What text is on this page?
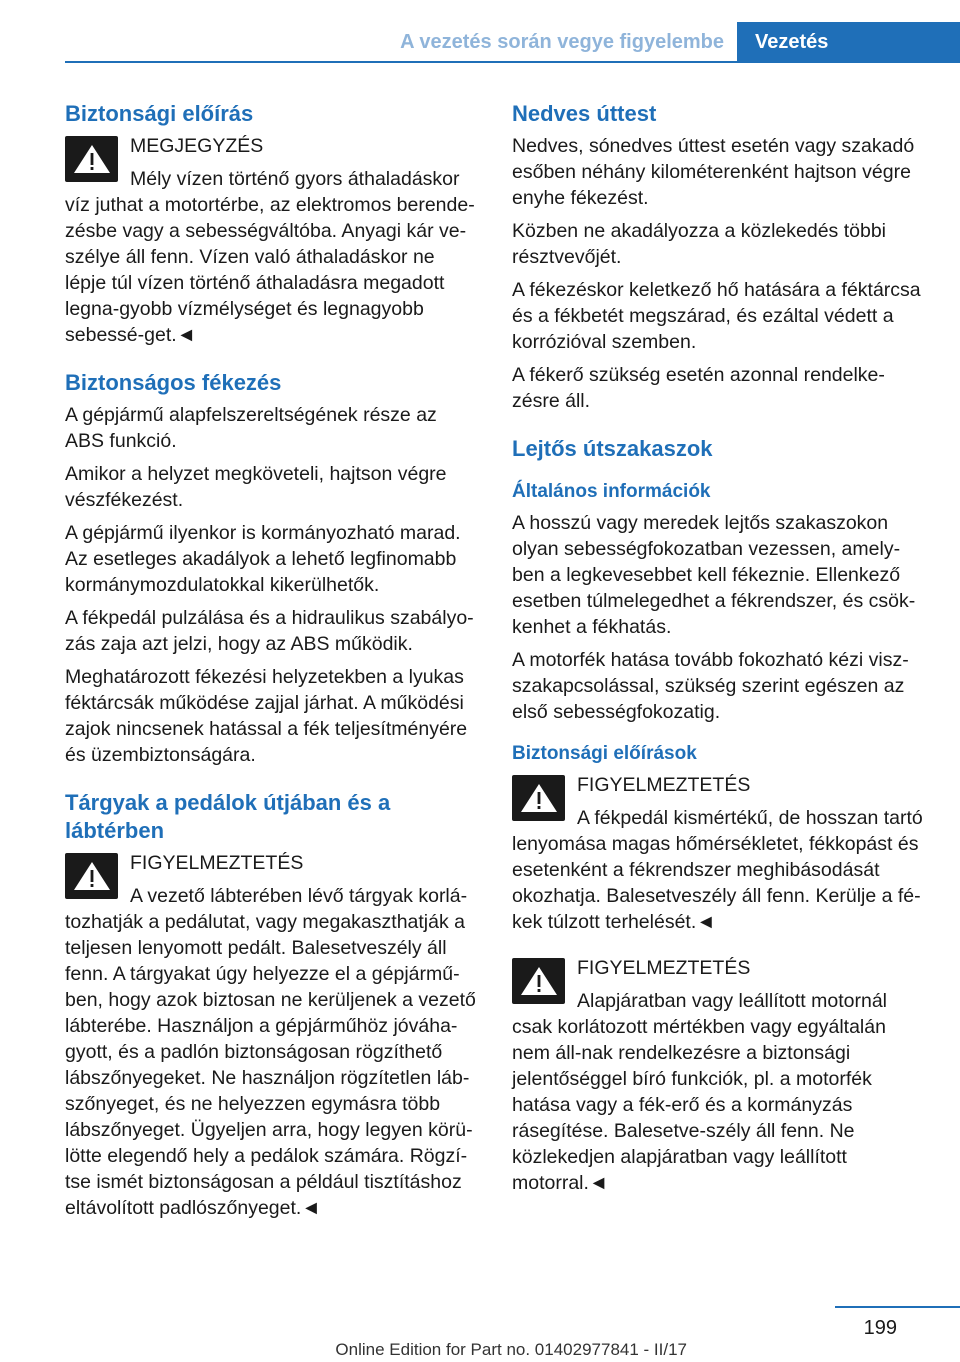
A vezetés során vegye figyelembe Vezetés
Biztonsági előírás
MEGJEGYZÉS

Mély vízen történő gyors áthaladáskor víz juthat a motortérbe, az elektromos berende‐zésbe vagy a sebességváltóba. Anyagi kár ve‐szélye áll fenn. Vízen való áthaladáskor ne lépje túl vízen történő áthaladásra megadott legna‐gyobb vízmélységet és legnagyobb sebessé‐get.◄

Biztonságos fékezés

A gépjármű alapfelszereltségének része az ABS funkció.

Amikor a helyzet megköveteli, hajtson végre vészfékezést.

A gépjármű ilyenkor is kormányozható marad. Az esetleges akadályok a lehető legfinomabb kormánymozdulatokkal kikerülhetők.

A fékpedál pulzálása és a hidraulikus szabályo‐zás zaja azt jelzi, hogy az ABS működik.

Meghatározott fékezési helyzetekben a lyukas féktárcsák működése zajjal járhat. A működési zajok nincsenek hatással a fék teljesítményére és üzembiztonságára.

Tárgyak a pedálok útjában és a lábtérben
FIGYELMEZTETÉS

A vezető lábterében lévő tárgyak korlá‐tozhatják a pedálutat, vagy megakaszthatják a teljesen lenyomott pedált. Balesetveszély áll fenn. A tárgyakat úgy helyezze el a gépjármű‐ben, hogy azok biztosan ne kerüljenek a vezető lábterébe. Használjon a gépjárműhöz jóváha‐gyott, és a padlón biztonságosan rögzíthető lábszőnyegeket. Ne használjon rögzítetlen láb‐szőnyeget, és ne helyezzen egymásra több lábszőnyeget. Ügyeljen arra, hogy legyen körü‐lötte elegendő hely a pedálok számára. Rögzí‐tse ismét biztonságosan a például tisztításhoz eltávolított padlószőnyeget.◄

Nedves úttest

Nedves, sónedves úttest esetén vagy szakadó esőben néhány kilométerenként hajtson végre enyhe fékezést.

Közben ne akadályozza a közlekedés többi résztvevőjét.

A fékezéskor keletkező hő hatására a féktárcsa és a fékbetét megszárad, és ezáltal védett a korrózióval szemben.

A fékerő szükség esetén azonnal rendelke‐zésre áll.

Lejtős útszakaszok
Általános információk

A hosszú vagy meredek lejtős szakaszokon olyan sebességfokozatban vezessen, amely‐ben a legkevesebbet kell fékeznie. Ellenkező esetben túlmelegedhet a fékrendszer, és csök‐kenhet a fékhatás.

A motorfék hatása tovább fokozható kézi visz‐szakapcsolással, szükség szerint egészen az első sebességfokozatig.

Biztonsági előírások
FIGYELMEZTETÉS

A fékpedál kismértékű, de hosszan tartó lenyomása magas hőmérsékletet, fékkopást és esetenként a fékrendszer meghibásodását okozhatja. Balesetveszély áll fenn. Kerülje a fé‐kek túlzott terhelését.◄

FIGYELMEZTETÉS

Alapjáratban vagy leállított motornál csak korlátozott mértékben vagy egyáltalán nem áll‐nak rendelkezésre a biztonsági jelentőséggel bíró funkciók, pl. a motorfék hatása vagy a fék‐erő és a kormányzás rásegítése. Balesetve‐szély áll fenn. Ne közlekedjen alapjáratban vagy leállított motorral.◄

199
Online Edition for Part no. 01402977841 - II/17
